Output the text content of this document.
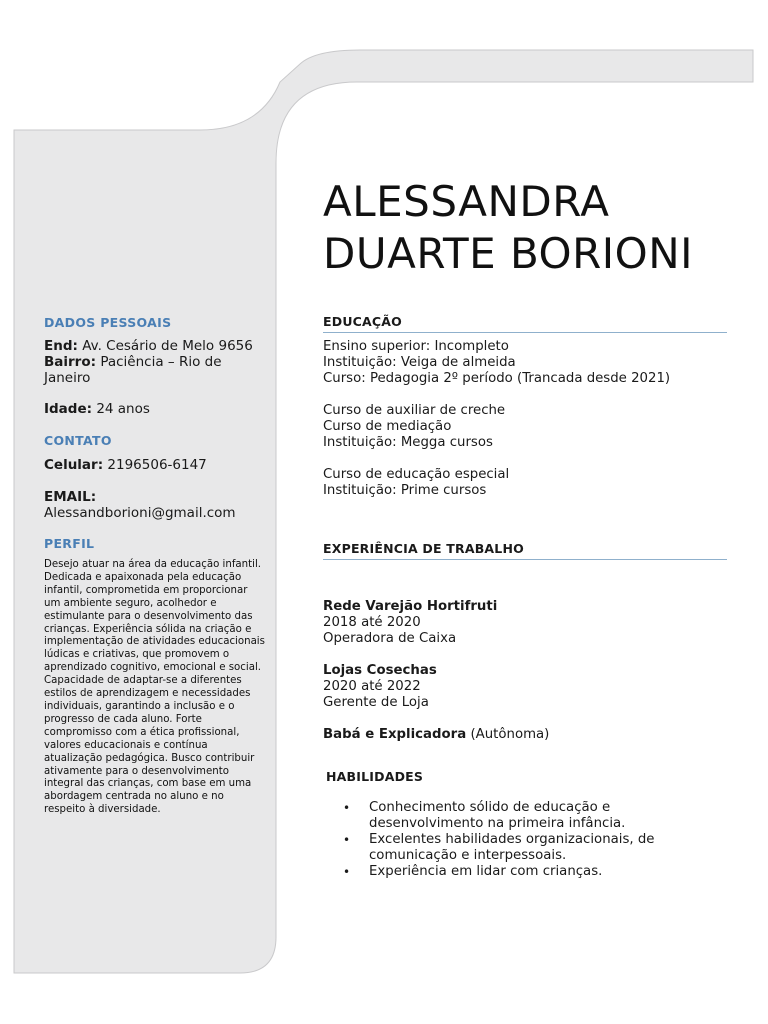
ALESSANDRA
DUARTE BORIONI
DADOS PESSOAIS
End: Av. Cesário de Melo 9656
Bairro: Paciência – Rio de Janeiro
Idade: 24 anos
CONTATO
Celular: 2196506-6147
EMAIL:
Alessandborioni@gmail.com
PERFIL

Desejo atuar na área da educação infantil.

Dedicada e apaixonada pela educação infantil, comprometida em proporcionar um ambiente seguro, acolhedor e estimulante para o desenvolvimento das crianças. Experiência sólida na criação e implementação de atividades educacionais lúdicas e criativas, que promovem o aprendizado cognitivo, emocional e social. Capacidade de adaptar-se a diferentes estilos de aprendizagem e necessidades individuais, garantindo a inclusão e o progresso de cada aluno. Forte compromisso com a ética profissional, valores educacionais e contínua atualização pedagógica. Busco contribuir ativamente para o desenvolvimento integral das crianças, com base em uma abordagem centrada no aluno e no respeito à diversidade.

EDUCAÇÃO

Ensino superior: Incompleto

Instituição: Veiga de almeida

Curso: Pedagogia 2º período (Trancada desde 2021)

Curso de auxiliar de creche

Curso de mediação

Instituição: Megga cursos

Curso de educação especial

Instituição: Prime cursos

EXPERIÊNCIA DE TRABALHO

Rede Varejão Hortifruti

2018 até 2020

Operadora de Caixa

Lojas Cosechas

2020 até 2022

Gerente de Loja

Babá e Explicadora (Autônoma)

HABILIDADES
• Conhecimento sólido de educação e desenvolvimento na primeira infância.
• Excelentes habilidades organizacionais, de comunicação e interpessoais.
• Experiência em lidar com crianças.
